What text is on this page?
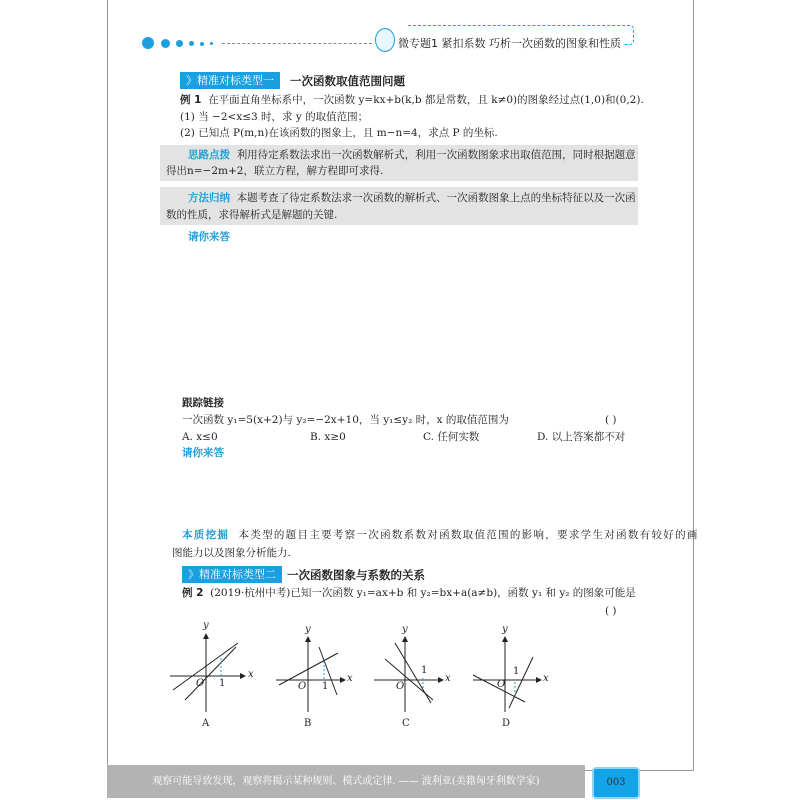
微专题1 紧扣系数 巧析一次函数的图象和性质
》精准对标类型一	一次函数取值范围问题
例 1 在平面直角坐标系中，一次函数 y=kx+b(k,b 都是常数，且 k≠0)的图象经过点(1,0)和(0,2).
(1) 当 −2<x≤3 时，求 y 的取值范围；
(2) 已知点 P(m,n)在该函数的图象上，且 m−n=4，求点 P 的坐标.
思路点拨 利用待定系数法求出一次函数解析式，利用一次函数图象求出取值范围，同时根据题意
得出n=−2m+2，联立方程，解方程即可求得.
方法归纳 本题考查了待定系数法求一次函数的解析式、一次函数图象上点的坐标特征以及一次函
数的性质，求得解析式是解题的关键.
请你来答
跟踪链接
一次函数 y₁=5(x+2)与 y₂=−2x+10，当 y₁≤y₂ 时，x 的取值范围为	( )
A. x≤0	B. x≥0	C. 任何实数	D. 以上答案都不对
请你来答
本质挖掘 本类型的题目主要考察一次函数系数对函数取值范围的影响，要求学生对函数有较好的画
图能力以及图象分析能力.
》精准对标类型二 一次函数图象与系数的关系
例 2 (2019·杭州中考)已知一次函数 y₁=ax+b 和 y₂=bx+a(a≠b)，函数 y₁ 和 y₂ 的图象可能是
( )
y
x
O 1
A
y
x
O 1
B
y
x
O
1
C
y
x
O
1
D
观察可能导致发现，观察将揭示某种规则、模式或定律. —— 波利亚(美籍匈牙利数学家)	003
